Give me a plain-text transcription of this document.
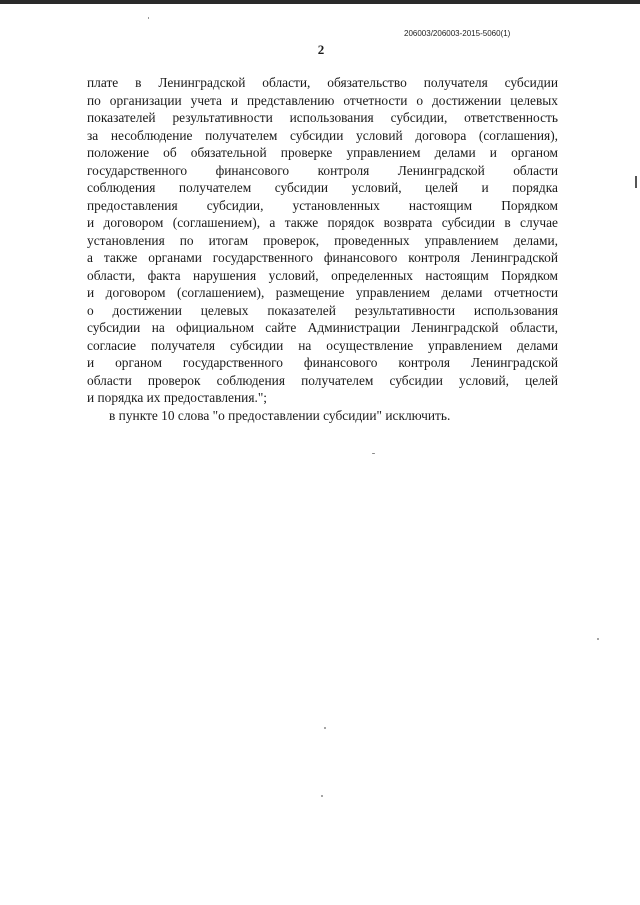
206003/206003-2015-5060(1)
2
плате в Ленинградской области, обязательство получателя субсидии
по организации учета и представлению отчетности о достижении целевых
показателей результативности использования субсидии, ответственность
за несоблюдение получателем субсидии условий договора (соглашения),
положение об обязательной проверке управлением делами и органом
государственного финансового контроля Ленинградской области
соблюдения получателем субсидии условий, целей и порядка
предоставления субсидии, установленных настоящим Порядком
и договором (соглашением), а также порядок возврата субсидии в случае
установления по итогам проверок, проведенных управлением делами,
а также органами государственного финансового контроля Ленинградской
области, факта нарушения условий, определенных настоящим Порядком
и договором (соглашением), размещение управлением делами отчетности
о достижении целевых показателей результативности использования
субсидии на официальном сайте Администрации Ленинградской области,
согласие получателя субсидии на осуществление управлением делами
и органом государственного финансового контроля Ленинградской
области проверок соблюдения получателем субсидии условий, целей
и порядка их предоставления.";
в пункте 10 слова "о предоставлении субсидии" исключить.
